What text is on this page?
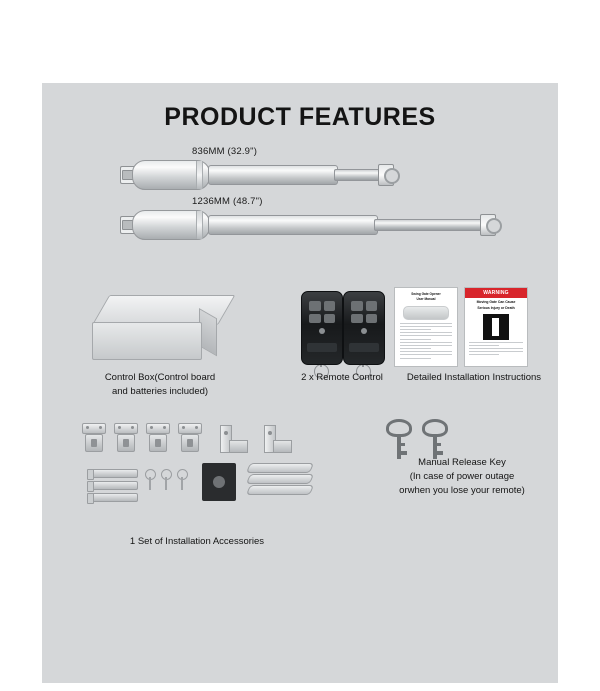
PRODUCT FEATURES
836MM (32.9")
1236MM (48.7")
Control Box(Control board
and batteries included)
2 x Remote Control
Swing Gate Opener
User Manual
WARNING
Moving Gate Can Cause
Serious Injury or Death
Detailed Installation Instructions
1 Set of Installation Accessories
Manual Release Key
(In case of power outage
orwhen you lose your remote)
